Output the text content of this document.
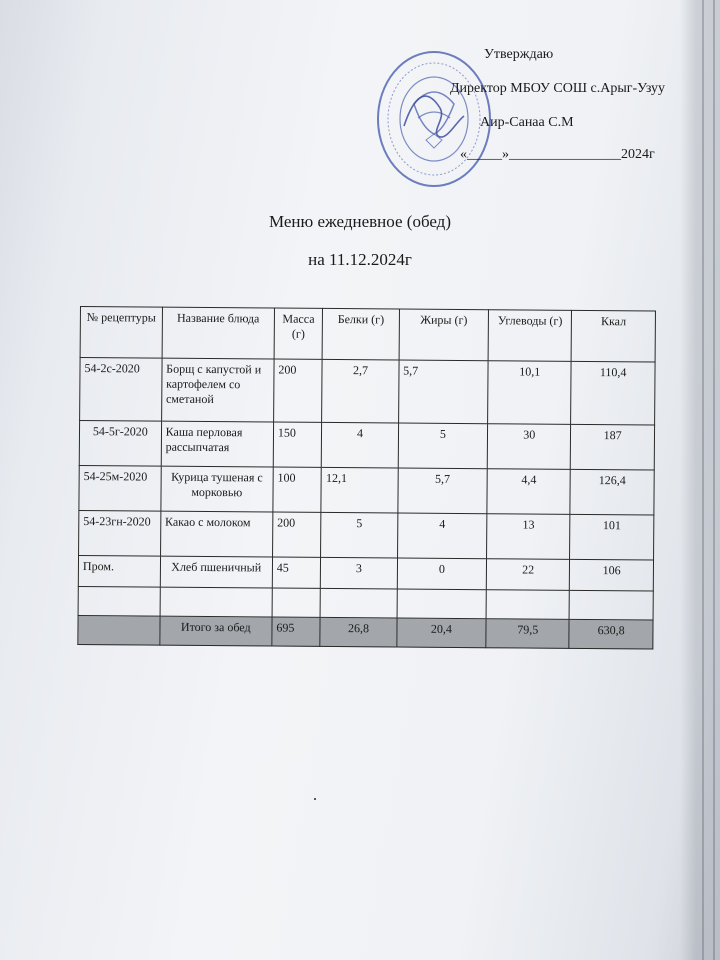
Утверждаю
Директор МБОУ СОШ с.Арыг-Узуу
Аир-Санаа С.М
«_____»________________2024г
Меню ежедневное (обед)
на 11.12.2024г
№ рецептуры	Название блюда	Масса (г)	Белки (г)	Жиры (г)	Углеводы (г)	Ккал
54-2с-2020	Борщ с капустой и картофелем со сметаной	200	2,7	5,7	10,1	110,4
54-5г-2020	Каша перловая рассыпчатая	150	4	5	30	187
54-25м-2020	Курица тушеная с морковью	100	12,1	5,7	4,4	126,4
54-23гн-2020	Какао с молоком	200	5	4	13	101
Пром.	Хлеб пшеничный	45	3	0	22	106

	Итого за обед	695	26,8	20,4	79,5	630,8
